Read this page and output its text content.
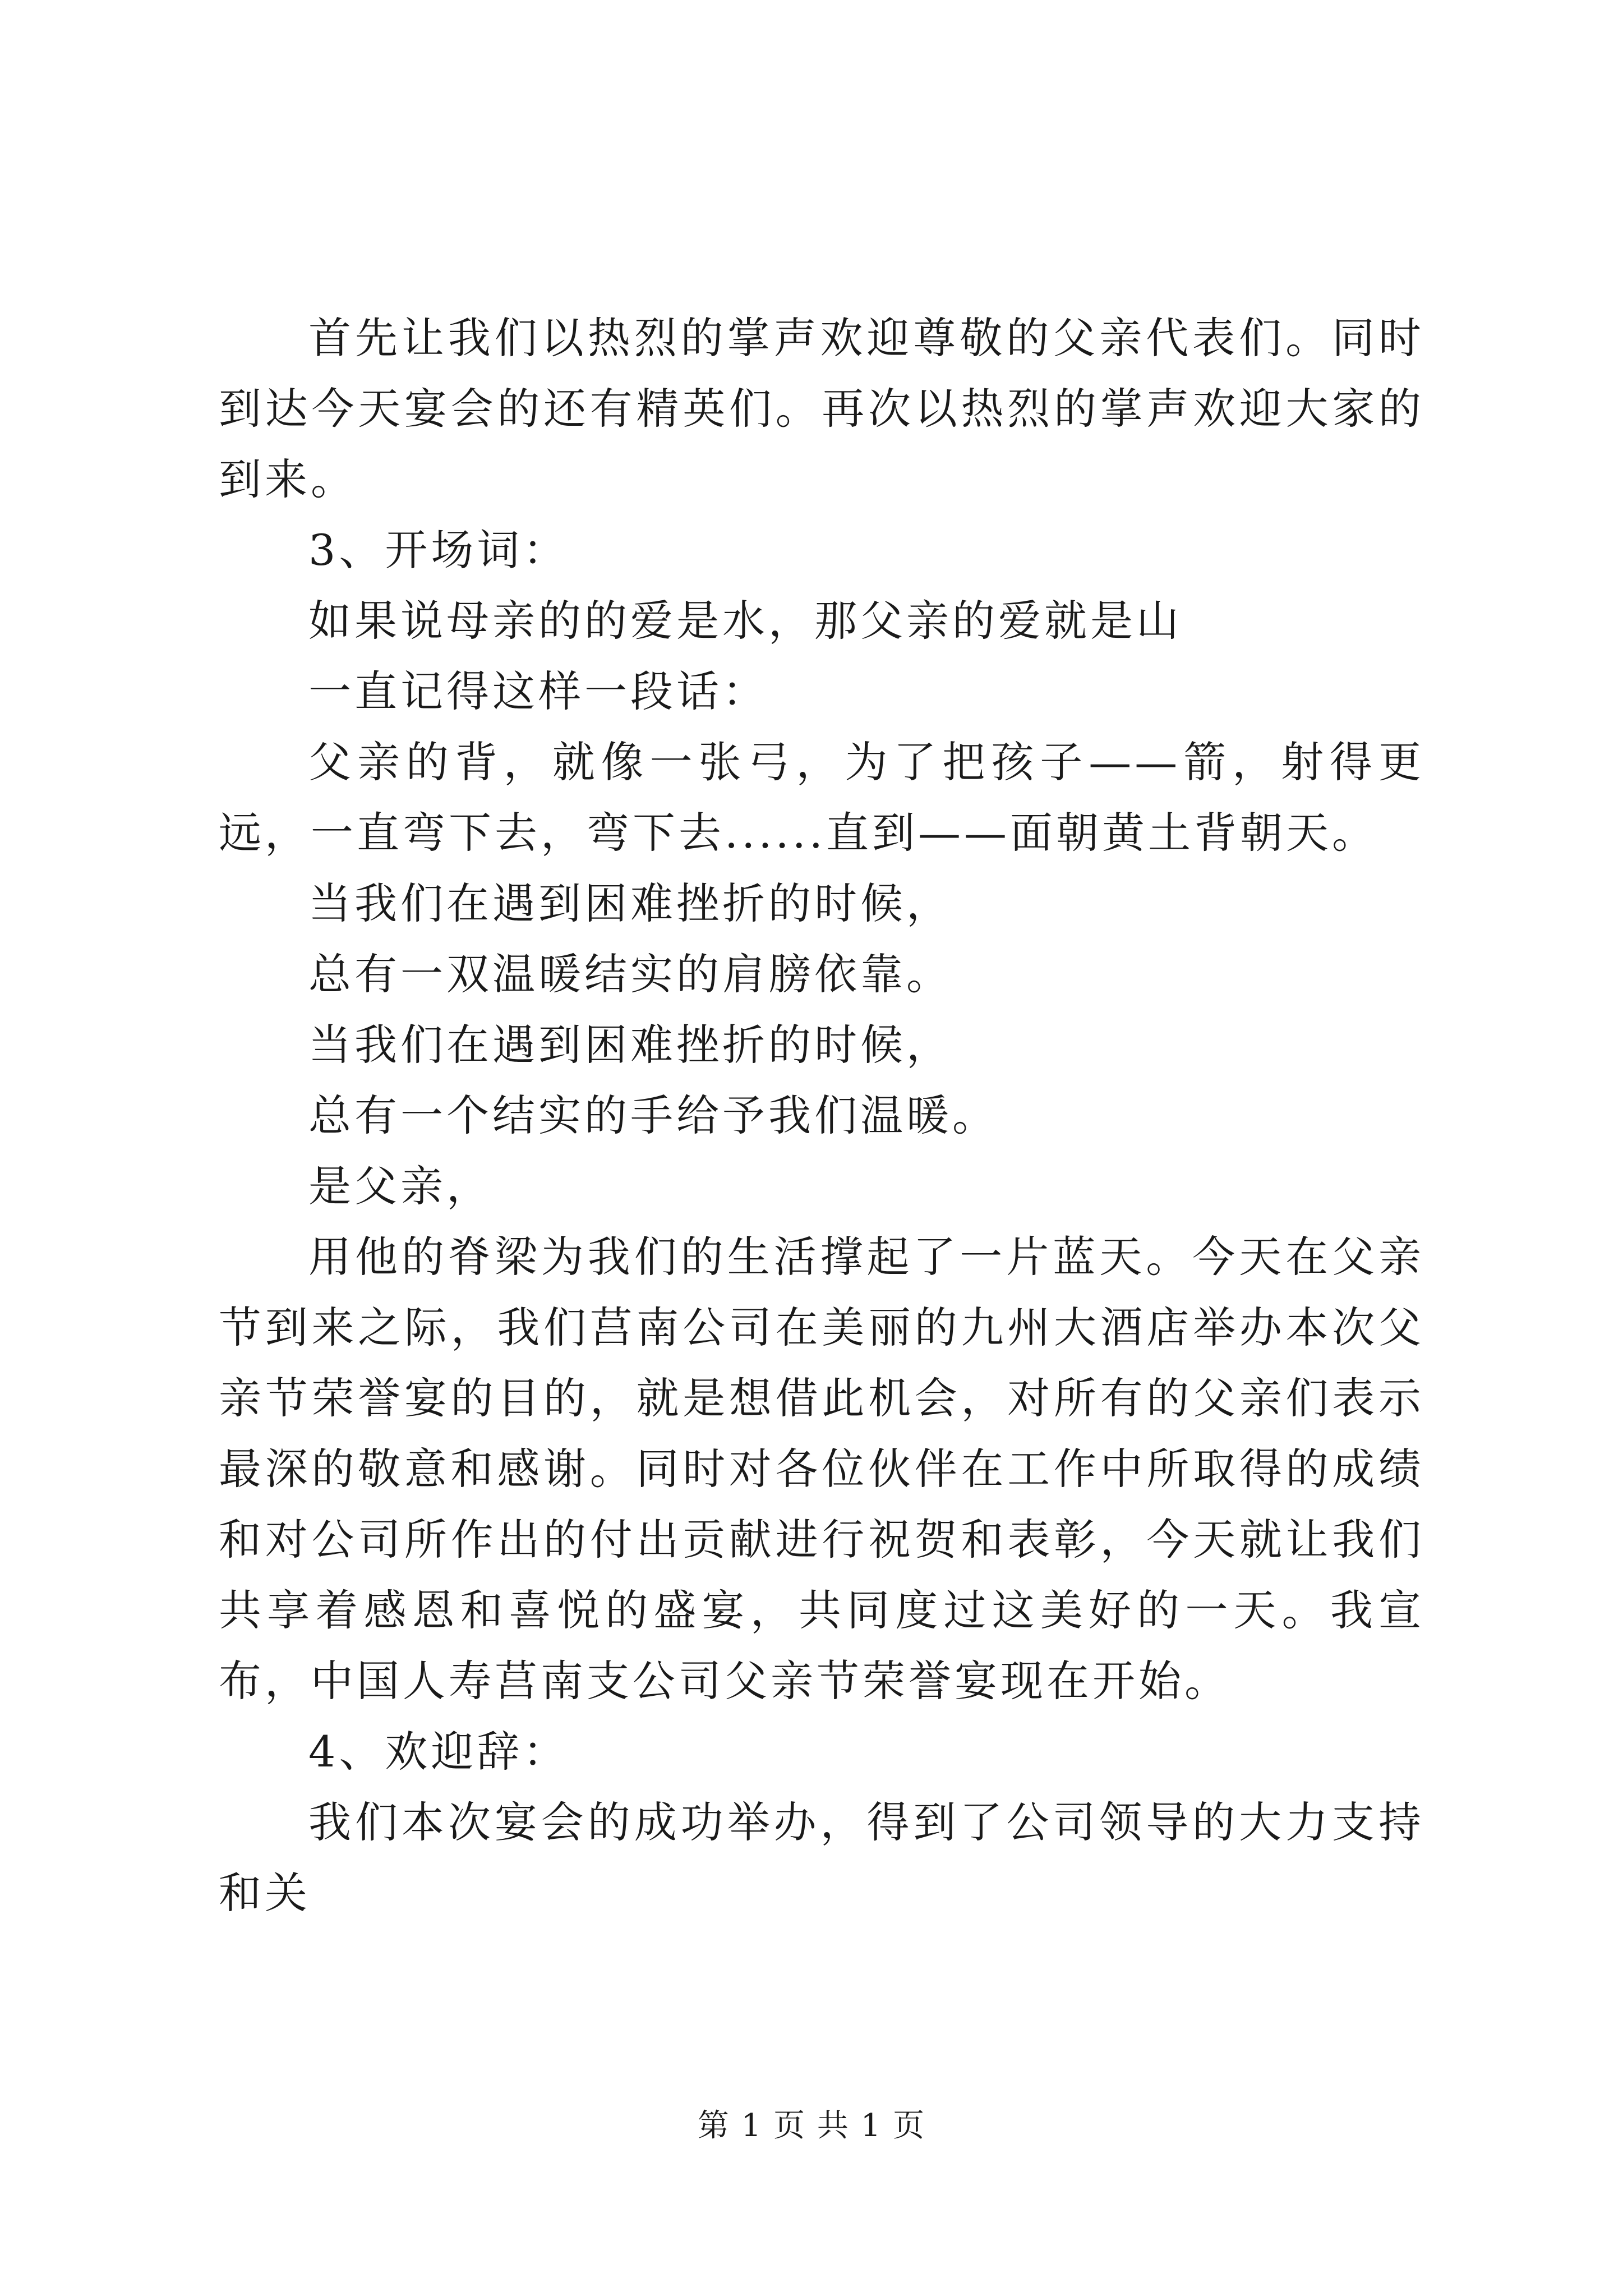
首先让我们以热烈的掌声欢迎尊敬的父亲代表们。同时到达今天宴会的还有精英们。再次以热烈的掌声欢迎大家的到来。

3、开场词：

如果说母亲的的爱是水，那父亲的爱就是山

一直记得这样一段话：

父亲的背，就像一张弓，为了把孩子——箭，射得更远，一直弯下去，弯下去......直到——面朝黄土背朝天。

当我们在遇到困难挫折的时候，

总有一双温暖结实的肩膀依靠。

当我们在遇到困难挫折的时候，

总有一个结实的手给予我们温暖。

是父亲，

用他的脊梁为我们的生活撑起了一片蓝天。今天在父亲节到来之际，我们莒南公司在美丽的九州大酒店举办本次父亲节荣誉宴的目的，就是想借此机会，对所有的父亲们表示最深的敬意和感谢。同时对各位伙伴在工作中所取得的成绩和对公司所作出的付出贡献进行祝贺和表彰，今天就让我们共享着感恩和喜悦的盛宴，共同度过这美好的一天。我宣布，中国人寿莒南支公司父亲节荣誉宴现在开始。

4、欢迎辞：

我们本次宴会的成功举办，得到了公司领导的大力支持和关

第 1 页 共 1 页
